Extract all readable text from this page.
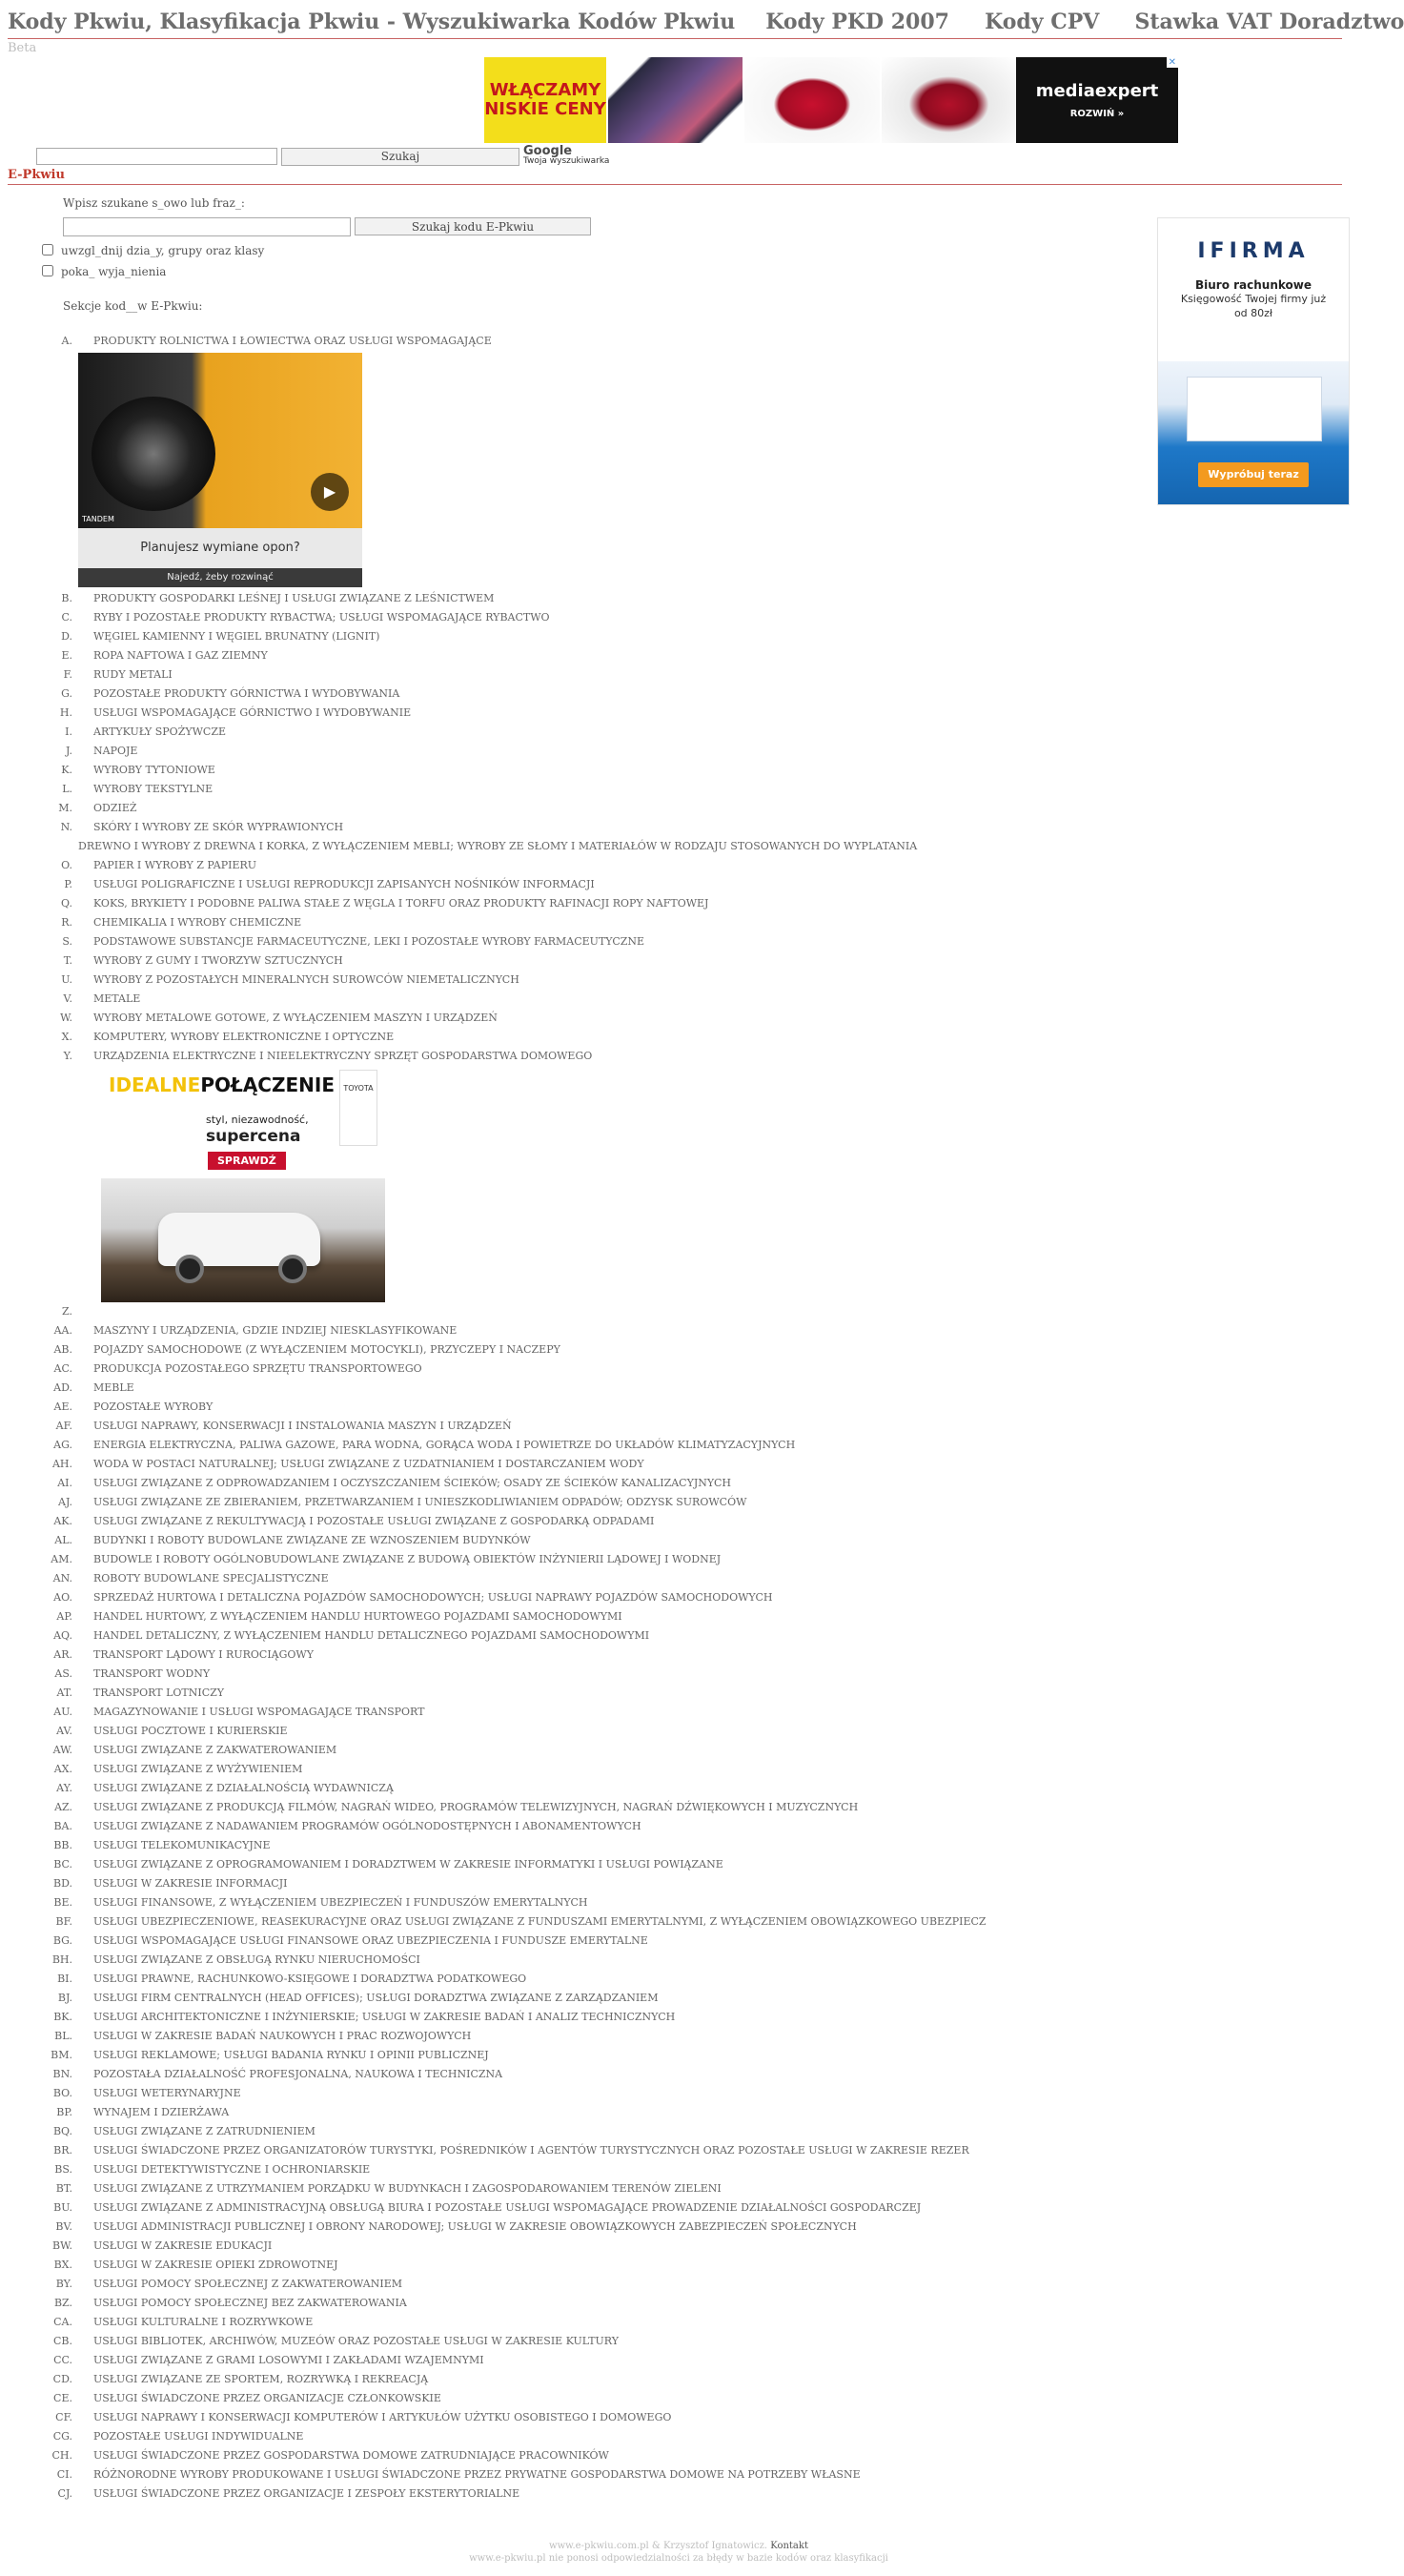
Kody Pkwiu, Klasyfikacja Pkwiu - Wyszukiwarka Kodów Pkwiu	Kody PKD 2007 Kody CPV Stawka VAT Doradztwo
Beta
WŁĄCZAMY NISKIE CENY
mediaexpert
ROZWIŃ »
✕
Szukaj	Google
Twoja wyszukiwarka
E-Pkwiu
Wpisz szukane s_owo lub fraz_:
Szukaj kodu E-Pkwiu
uwzgl_dnij dzia_y, grupy oraz klasy
poka_ wyja_nienia
Sekcje kod__w E-Pkwiu:
A.	PRODUKTY ROLNICTWA I ŁOWIECTWA ORAZ USŁUGI WSPOMAGAJĄCE
TANDEM
▶
Planujesz wymiane opon?
Najedź, żeby rozwinąć
B.	PRODUKTY GOSPODARKI LEŚNEJ I USŁUGI ZWIĄZANE Z LEŚNICTWEM
C.	RYBY I POZOSTAŁE PRODUKTY RYBACTWA; USŁUGI WSPOMAGAJĄCE RYBACTWO
D.	WĘGIEL KAMIENNY I WĘGIEL BRUNATNY (LIGNIT)
E.	ROPA NAFTOWA I GAZ ZIEMNY
F.	RUDY METALI
G.	POZOSTAŁE PRODUKTY GÓRNICTWA I WYDOBYWANIA
H.	USŁUGI WSPOMAGAJĄCE GÓRNICTWO I WYDOBYWANIE
I.	ARTYKUŁY SPOŻYWCZE
J.	NAPOJE
K.	WYROBY TYTONIOWE
L.	WYROBY TEKSTYLNE
M.	ODZIEŻ
N.	SKÓRY I WYROBY ZE SKÓR WYPRAWIONYCH
DREWNO I WYROBY Z DREWNA I KORKA, Z WYŁĄCZENIEM MEBLI; WYROBY ZE SŁOMY I MATERIAŁÓW W RODZAJU STOSOWANYCH DO WYPLATANIA
O.	PAPIER I WYROBY Z PAPIERU
P.	USŁUGI POLIGRAFICZNE I USŁUGI REPRODUKCJI ZAPISANYCH NOŚNIKÓW INFORMACJI
Q.	KOKS, BRYKIETY I PODOBNE PALIWA STAŁE Z WĘGLA I TORFU ORAZ PRODUKTY RAFINACJI ROPY NAFTOWEJ
R.	CHEMIKALIA I WYROBY CHEMICZNE
S.	PODSTAWOWE SUBSTANCJE FARMACEUTYCZNE, LEKI I POZOSTAŁE WYROBY FARMACEUTYCZNE
T.	WYROBY Z GUMY I TWORZYW SZTUCZNYCH
U.	WYROBY Z POZOSTAŁYCH MINERALNYCH SUROWCÓW NIEMETALICZNYCH
V.	METALE
W.	WYROBY METALOWE GOTOWE, Z WYŁĄCZENIEM MASZYN I URZĄDZEŃ
X.	KOMPUTERY, WYROBY ELEKTRONICZNE I OPTYCZNE
Y.	URZĄDZENIA ELEKTRYCZNE I NIEELEKTRYCZNY SPRZĘT GOSPODARSTWA DOMOWEGO
IDEALNEPOŁĄCZENIE	TOYOTA
styl, niezawodność,
supercena
SPRAWDŹ
Z.
AA.	MASZYNY I URZĄDZENIA, GDZIE INDZIEJ NIESKLASYFIKOWANE
AB.	POJAZDY SAMOCHODOWE (Z WYŁĄCZENIEM MOTOCYKLI), PRZYCZEPY I NACZEPY
AC.	PRODUKCJA POZOSTAŁEGO SPRZĘTU TRANSPORTOWEGO
AD.	MEBLE
AE.	POZOSTAŁE WYROBY
AF.	USŁUGI NAPRAWY, KONSERWACJI I INSTALOWANIA MASZYN I URZĄDZEŃ
AG.	ENERGIA ELEKTRYCZNA, PALIWA GAZOWE, PARA WODNA, GORĄCA WODA I POWIETRZE DO UKŁADÓW KLIMATYZACYJNYCH
AH.	WODA W POSTACI NATURALNEJ; USŁUGI ZWIĄZANE Z UZDATNIANIEM I DOSTARCZANIEM WODY
AI.	USŁUGI ZWIĄZANE Z ODPROWADZANIEM I OCZYSZCZANIEM ŚCIEKÓW; OSADY ZE ŚCIEKÓW KANALIZACYJNYCH
AJ.	USŁUGI ZWIĄZANE ZE ZBIERANIEM, PRZETWARZANIEM I UNIESZKODLIWIANIEM ODPADÓW; ODZYSK SUROWCÓW
AK.	USŁUGI ZWIĄZANE Z REKULTYWACJĄ I POZOSTAŁE USŁUGI ZWIĄZANE Z GOSPODARKĄ ODPADAMI
AL.	BUDYNKI I ROBOTY BUDOWLANE ZWIĄZANE ZE WZNOSZENIEM BUDYNKÓW
AM.	BUDOWLE I ROBOTY OGÓLNOBUDOWLANE ZWIĄZANE Z BUDOWĄ OBIEKTÓW INŻYNIERII LĄDOWEJ I WODNEJ
AN.	ROBOTY BUDOWLANE SPECJALISTYCZNE
AO.	SPRZEDAŻ HURTOWA I DETALICZNA POJAZDÓW SAMOCHODOWYCH; USŁUGI NAPRAWY POJAZDÓW SAMOCHODOWYCH
AP.	HANDEL HURTOWY, Z WYŁĄCZENIEM HANDLU HURTOWEGO POJAZDAMI SAMOCHODOWYMI
AQ.	HANDEL DETALICZNY, Z WYŁĄCZENIEM HANDLU DETALICZNEGO POJAZDAMI SAMOCHODOWYMI
AR.	TRANSPORT LĄDOWY I RUROCIĄGOWY
AS.	TRANSPORT WODNY
AT.	TRANSPORT LOTNICZY
AU.	MAGAZYNOWANIE I USŁUGI WSPOMAGAJĄCE TRANSPORT
AV.	USŁUGI POCZTOWE I KURIERSKIE
AW.	USŁUGI ZWIĄZANE Z ZAKWATEROWANIEM
AX.	USŁUGI ZWIĄZANE Z WYŻYWIENIEM
AY.	USŁUGI ZWIĄZANE Z DZIAŁALNOŚCIĄ WYDAWNICZĄ
AZ.	USŁUGI ZWIĄZANE Z PRODUKCJĄ FILMÓW, NAGRAŃ WIDEO, PROGRAMÓW TELEWIZYJNYCH, NAGRAŃ DŹWIĘKOWYCH I MUZYCZNYCH
BA.	USŁUGI ZWIĄZANE Z NADAWANIEM PROGRAMÓW OGÓLNODOSTĘPNYCH I ABONAMENTOWYCH
BB.	USŁUGI TELEKOMUNIKACYJNE
BC.	USŁUGI ZWIĄZANE Z OPROGRAMOWANIEM I DORADZTWEM W ZAKRESIE INFORMATYKI I USŁUGI POWIĄZANE
BD.	USŁUGI W ZAKRESIE INFORMACJI
BE.	USŁUGI FINANSOWE, Z WYŁĄCZENIEM UBEZPIECZEŃ I FUNDUSZÓW EMERYTALNYCH
BF.	USŁUGI UBEZPIECZENIOWE, REASEKURACYJNE ORAZ USŁUGI ZWIĄZANE Z FUNDUSZAMI EMERYTALNYMI, Z WYŁĄCZENIEM OBOWIĄZKOWEGO UBEZPIECZ
BG.	USŁUGI WSPOMAGAJĄCE USŁUGI FINANSOWE ORAZ UBEZPIECZENIA I FUNDUSZE EMERYTALNE
BH.	USŁUGI ZWIĄZANE Z OBSŁUGĄ RYNKU NIERUCHOMOŚCI
BI.	USŁUGI PRAWNE, RACHUNKOWO-KSIĘGOWE I DORADZTWA PODATKOWEGO
BJ.	USŁUGI FIRM CENTRALNYCH (HEAD OFFICES); USŁUGI DORADZTWA ZWIĄZANE Z ZARZĄDZANIEM
BK.	USŁUGI ARCHITEKTONICZNE I INŻYNIERSKIE; USŁUGI W ZAKRESIE BADAŃ I ANALIZ TECHNICZNYCH
BL.	USŁUGI W ZAKRESIE BADAŃ NAUKOWYCH I PRAC ROZWOJOWYCH
BM.	USŁUGI REKLAMOWE; USŁUGI BADANIA RYNKU I OPINII PUBLICZNEJ
BN.	POZOSTAŁA DZIAŁALNOŚĆ PROFESJONALNA, NAUKOWA I TECHNICZNA
BO.	USŁUGI WETERYNARYJNE
BP.	WYNAJEM I DZIERŻAWA
BQ.	USŁUGI ZWIĄZANE Z ZATRUDNIENIEM
BR.	USŁUGI ŚWIADCZONE PRZEZ ORGANIZATORÓW TURYSTYKI, POŚREDNIKÓW I AGENTÓW TURYSTYCZNYCH ORAZ POZOSTAŁE USŁUGI W ZAKRESIE REZER
BS.	USŁUGI DETEKTYWISTYCZNE I OCHRONIARSKIE
BT.	USŁUGI ZWIĄZANE Z UTRZYMANIEM PORZĄDKU W BUDYNKACH I ZAGOSPODAROWANIEM TERENÓW ZIELENI
BU.	USŁUGI ZWIĄZANE Z ADMINISTRACYJNĄ OBSŁUGĄ BIURA I POZOSTAŁE USŁUGI WSPOMAGAJĄCE PROWADZENIE DZIAŁALNOŚCI GOSPODARCZEJ
BV.	USŁUGI ADMINISTRACJI PUBLICZNEJ I OBRONY NARODOWEJ; USŁUGI W ZAKRESIE OBOWIĄZKOWYCH ZABEZPIECZEŃ SPOŁECZNYCH
BW.	USŁUGI W ZAKRESIE EDUKACJI
BX.	USŁUGI W ZAKRESIE OPIEKI ZDROWOTNEJ
BY.	USŁUGI POMOCY SPOŁECZNEJ Z ZAKWATEROWANIEM
BZ.	USŁUGI POMOCY SPOŁECZNEJ BEZ ZAKWATEROWANIA
CA.	USŁUGI KULTURALNE I ROZRYWKOWE
CB.	USŁUGI BIBLIOTEK, ARCHIWÓW, MUZEÓW ORAZ POZOSTAŁE USŁUGI W ZAKRESIE KULTURY
CC.	USŁUGI ZWIĄZANE Z GRAMI LOSOWYMI I ZAKŁADAMI WZAJEMNYMI
CD.	USŁUGI ZWIĄZANE ZE SPORTEM, ROZRYWKĄ I REKREACJĄ
CE.	USŁUGI ŚWIADCZONE PRZEZ ORGANIZACJE CZŁONKOWSKIE
CF.	USŁUGI NAPRAWY I KONSERWACJI KOMPUTERÓW I ARTYKUŁÓW UŻYTKU OSOBISTEGO I DOMOWEGO
CG.	POZOSTAŁE USŁUGI INDYWIDUALNE
CH.	USŁUGI ŚWIADCZONE PRZEZ GOSPODARSTWA DOMOWE ZATRUDNIAJĄCE PRACOWNIKÓW
CI.	RÓŻNORODNE WYROBY PRODUKOWANE I USŁUGI ŚWIADCZONE PRZEZ PRYWATNE GOSPODARSTWA DOMOWE NA POTRZEBY WŁASNE
CJ.	USŁUGI ŚWIADCZONE PRZEZ ORGANIZACJE I ZESPOŁY EKSTERYTORIALNE
IFIRMA
Biuro rachunkowe
Księgowość Twojej firmy już od 80zł
Wypróbuj teraz
www.e-pkwiu.com.pl & Krzysztof Ignatowicz. Kontakt
www.e-pkwiu.pl nie ponosi odpowiedzialności za błędy w bazie kodów oraz klasyfikacji
